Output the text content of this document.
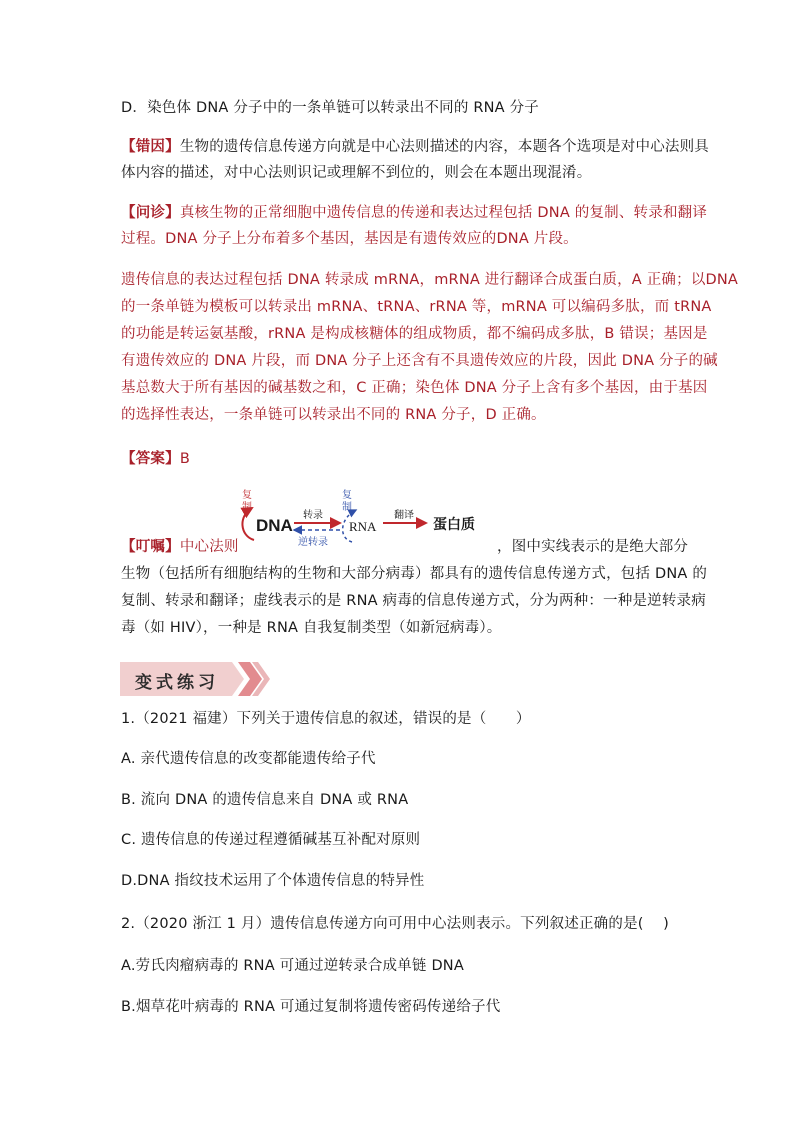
D．染色体 DNA 分子中的一条单链可以转录出不同的 RNA 分子
【错因】生物的遗传信息传递方向就是中心法则描述的内容，本题各个选项是对中心法则具
体内容的描述，对中心法则识记或理解不到位的，则会在本题出现混淆。
【问诊】真核生物的正常细胞中遗传信息的传递和表达过程包括 DNA 的复制、转录和翻译
过程。DNA 分子上分布着多个基因，基因是有遗传效应的DNA 片段。
遗传信息的表达过程包括 DNA 转录成 mRNA，mRNA 进行翻译合成蛋白质，A 正确；以DNA
的一条单链为模板可以转录出 mRNA、tRNA、rRNA 等，mRNA 可以编码多肽，而 tRNA
的功能是转运氨基酸，rRNA 是构成核糖体的组成物质，都不编码成多肽，B 错误；基因是
有遗传效应的 DNA 片段，而 DNA 分子上还含有不具遗传效应的片段，因此 DNA 分子的碱
基总数大于所有基因的碱基数之和，C 正确；染色体 DNA 分子上含有多个基因，由于基因
的选择性表达，一条单链可以转录出不同的 RNA 分子，D 正确。
【答案】B
复
制
DNA
转录
逆转录
复
制
RNA
翻译
蛋白质
【叮嘱】中心法则	，图中实线表示的是绝大部分
生物（包括所有细胞结构的生物和大部分病毒）都具有的遗传信息传递方式，包括 DNA 的
复制、转录和翻译；虚线表示的是 RNA 病毒的信息传递方式，分为两种：一种是逆转录病
毒（如 HIV），一种是 RNA 自我复制类型（如新冠病毒）。
变式练习
1.（2021 福建）下列关于遗传信息的叙述，错误的是（　　）
A. 亲代遗传信息的改变都能遗传给子代
B. 流向 DNA 的遗传信息来自 DNA 或 RNA
C. 遗传信息的传递过程遵循碱基互补配对原则
D.DNA 指纹技术运用了个体遗传信息的特异性
2.（2020 浙江 1 月）遗传信息传递方向可用中心法则表示。下列叙述正确的是(　 )
A.劳氏肉瘤病毒的 RNA 可通过逆转录合成单链 DNA
B.烟草花叶病毒的 RNA 可通过复制将遗传密码传递给子代
